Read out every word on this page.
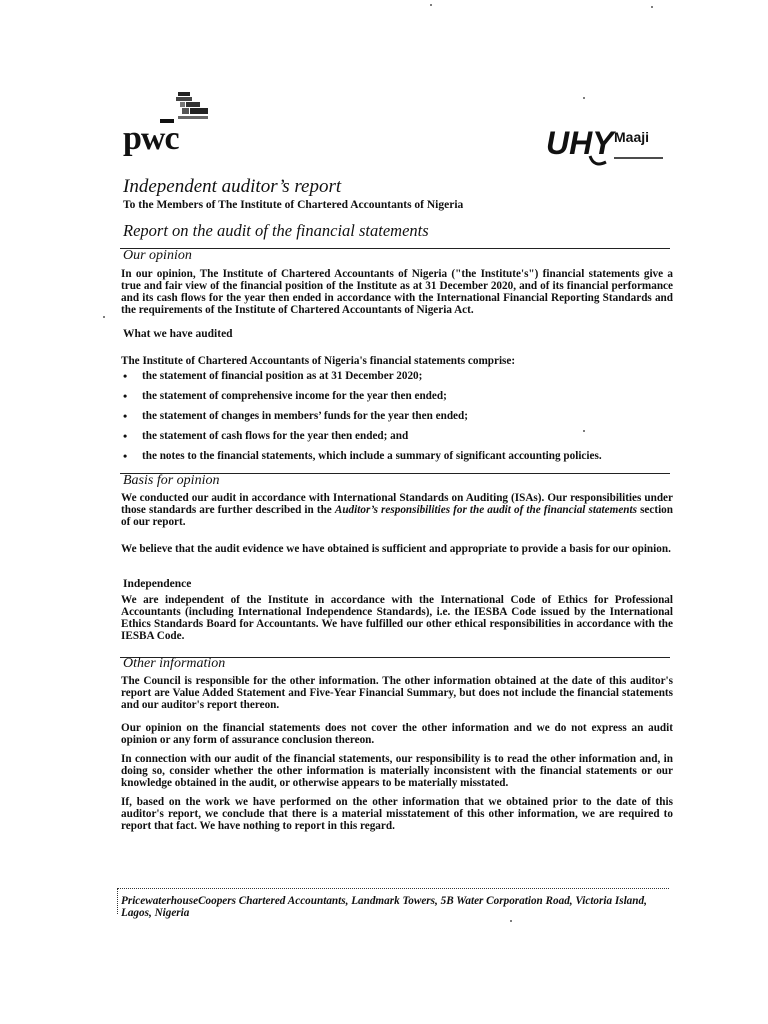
pwc	UHY Maaji
Independent auditor’s report
To the Members of The Institute of Chartered Accountants of Nigeria
Report on the audit of the financial statements
Our opinion

In our opinion, The Institute of Chartered Accountants of Nigeria ("the Institute's") financial statements give a true and fair view of the financial position of the Institute as at 31 December 2020, and of its financial performance and its cash flows for the year then ended in accordance with the International Financial Reporting Standards and the requirements of the Institute of Chartered Accountants of Nigeria Act.

What we have audited

The Institute of Chartered Accountants of Nigeria's financial statements comprise:

• the statement of financial position as at 31 December 2020;
• the statement of comprehensive income for the year then ended;
• the statement of changes in members’ funds for the year then ended;
• the statement of cash flows for the year then ended; and
• the notes to the financial statements, which include a summary of significant accounting policies.
Basis for opinion

We conducted our audit in accordance with International Standards on Auditing (ISAs). Our responsibilities under those standards are further described in the Auditor’s responsibilities for the audit of the financial statements section of our report.

We believe that the audit evidence we have obtained is sufficient and appropriate to provide a basis for our opinion.

Independence

We are independent of the Institute in accordance with the International Code of Ethics for Professional Accountants (including International Independence Standards), i.e. the IESBA Code issued by the International Ethics Standards Board for Accountants. We have fulfilled our other ethical responsibilities in accordance with the IESBA Code.

Other information

The Council is responsible for the other information. The other information obtained at the date of this auditor's report are Value Added Statement and Five-Year Financial Summary, but does not include the financial statements and our auditor's report thereon.

Our opinion on the financial statements does not cover the other information and we do not express an audit opinion or any form of assurance conclusion thereon.

In connection with our audit of the financial statements, our responsibility is to read the other information and, in doing so, consider whether the other information is materially inconsistent with the financial statements or our knowledge obtained in the audit, or otherwise appears to be materially misstated.

If, based on the work we have performed on the other information that we obtained prior to the date of this auditor's report, we conclude that there is a material misstatement of this other information, we are required to report that fact. We have nothing to report in this regard.

PricewaterhouseCoopers Chartered Accountants, Landmark Towers, 5B Water Corporation Road, Victoria Island, Lagos, Nigeria
